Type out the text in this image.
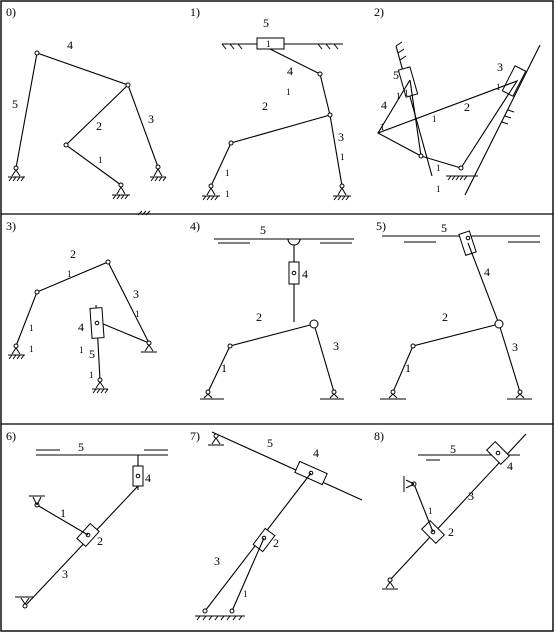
0)
4
5
2	3
1
1)
5
1
4
1
2
3
1
1
1
2)
5
3
4	2
1 1
1
1
1
1
1
3)
2
1
3
1
4
5
1
1
1
1
4)	5
4
2
3
1
5)	5
4
2
3
1
6)
5
4
1
2
3
7)	5
4
2
3
1
8)
5
4
3
1
2
